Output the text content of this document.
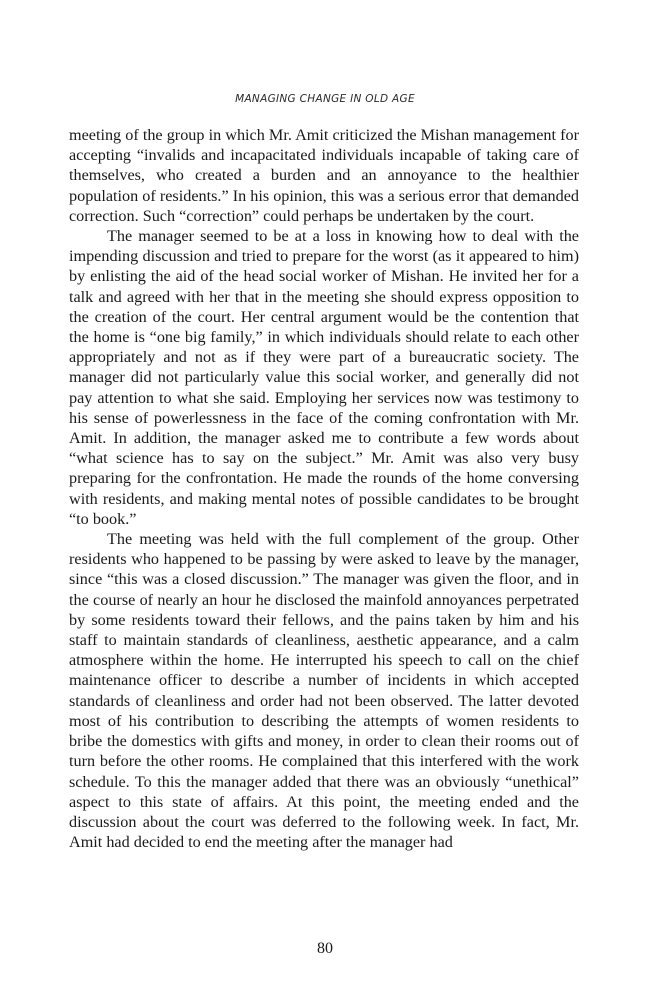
MANAGING CHANGE IN OLD AGE

meeting of the group in which Mr. Amit criticized the Mishan management for accepting “invalids and incapacitated individuals incapable of taking care of themselves, who created a burden and an annoyance to the healthier population of residents.” In his opinion, this was a serious error that demanded correction. Such “correction” could perhaps be undertaken by the court.

The manager seemed to be at a loss in knowing how to deal with the impending discussion and tried to prepare for the worst (as it appeared to him) by enlisting the aid of the head social worker of Mishan. He invited her for a talk and agreed with her that in the meeting she should express opposition to the creation of the court. Her central argument would be the contention that the home is “one big family,” in which individuals should relate to each other appropriately and not as if they were part of a bureaucratic society. The manager did not particularly value this social worker, and generally did not pay attention to what she said. Employing her services now was testimony to his sense of powerlessness in the face of the coming confrontation with Mr. Amit. In addition, the manager asked me to contribute a few words about “what science has to say on the subject.” Mr. Amit was also very busy preparing for the confrontation. He made the rounds of the home conversing with residents, and making mental notes of possible candidates to be brought “to book.”

The meeting was held with the full complement of the group. Other residents who happened to be passing by were asked to leave by the manager, since “this was a closed discussion.” The manager was given the floor, and in the course of nearly an hour he disclosed the mainfold annoyances perpetrated by some residents toward their fellows, and the pains taken by him and his staff to maintain standards of cleanliness, aesthetic appearance, and a calm atmosphere within the home. He interrupted his speech to call on the chief maintenance officer to describe a number of incidents in which accepted standards of cleanliness and order had not been observed. The latter devoted most of his contribution to describing the attempts of women residents to bribe the domestics with gifts and money, in order to clean their rooms out of turn before the other rooms. He complained that this interfered with the work schedule. To this the manager added that there was an obviously “unethical” aspect to this state of affairs. At this point, the meeting ended and the discussion about the court was deferred to the following week. In fact, Mr. Amit had decided to end the meeting after the manager had

80
